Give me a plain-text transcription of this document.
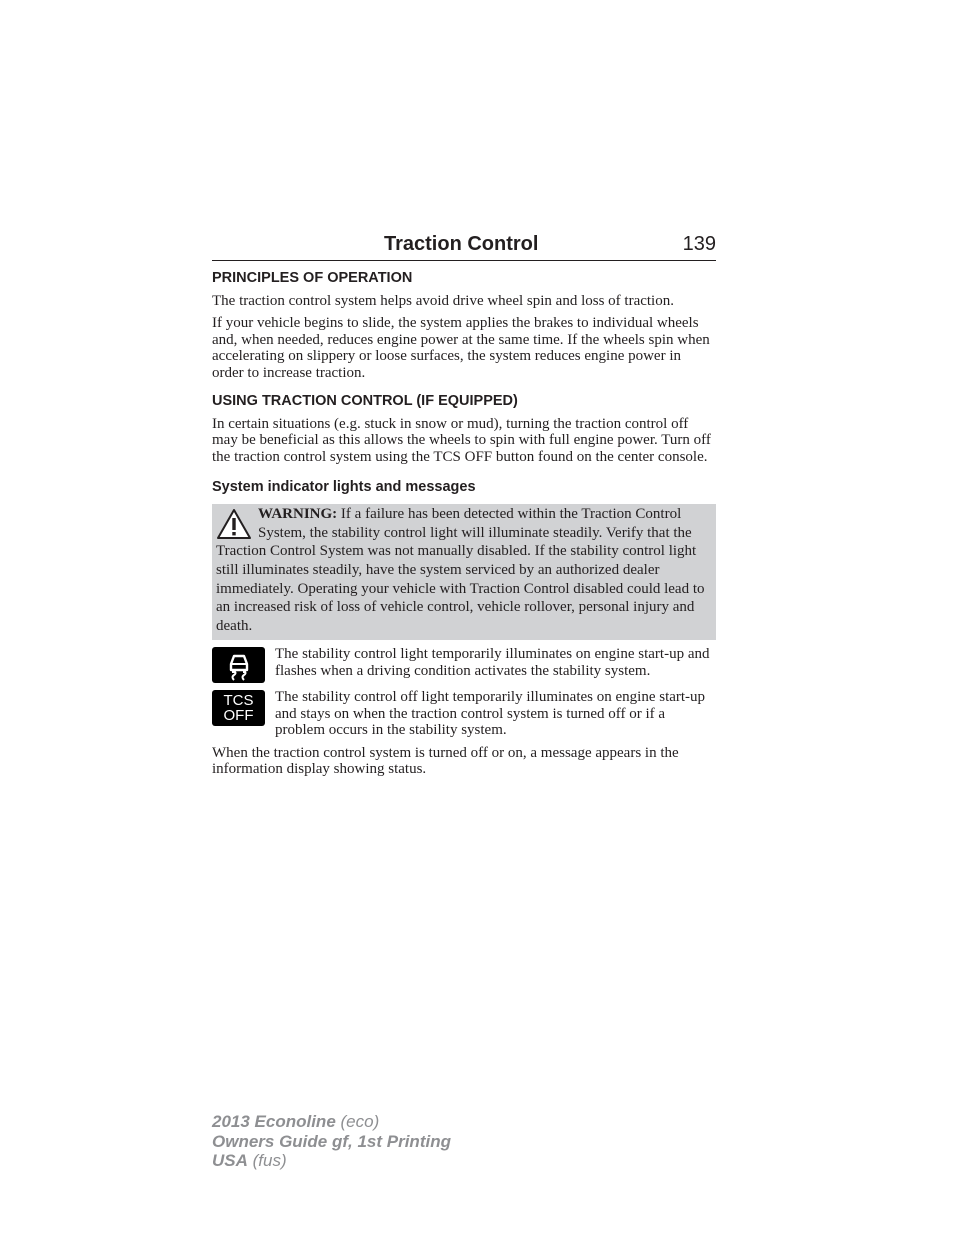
Traction Control	139
PRINCIPLES OF OPERATION

The traction control system helps avoid drive wheel spin and loss of traction.

If your vehicle begins to slide, the system applies the brakes to individual wheels and, when needed, reduces engine power at the same time. If the wheels spin when accelerating on slippery or loose surfaces, the system reduces engine power in order to increase traction.

USING TRACTION CONTROL (IF EQUIPPED)

In certain situations (e.g. stuck in snow or mud), turning the traction control off may be beneficial as this allows the wheels to spin with full engine power. Turn off the traction control system using the TCS OFF button found on the center console.

System indicator lights and messages

WARNING: If a failure has been detected within the Traction Control System, the stability control light will illuminate steadily. Verify that the Traction Control System was not manually disabled. If the stability control light still illuminates steadily, have the system serviced by an authorized dealer immediately. Operating your vehicle with Traction Control disabled could lead to an increased risk of loss of vehicle control, vehicle rollover, personal injury and death.

The stability control light temporarily illuminates on engine start-up and flashes when a driving condition activates the stability system.

TCS
OFF

The stability control off light temporarily illuminates on engine start-up and stays on when the traction control system is turned off or if a problem occurs in the stability system.

When the traction control system is turned off or on, a message appears in the information display showing status.

2013 Econoline (eco)
Owners Guide gf, 1st Printing
USA (fus)
